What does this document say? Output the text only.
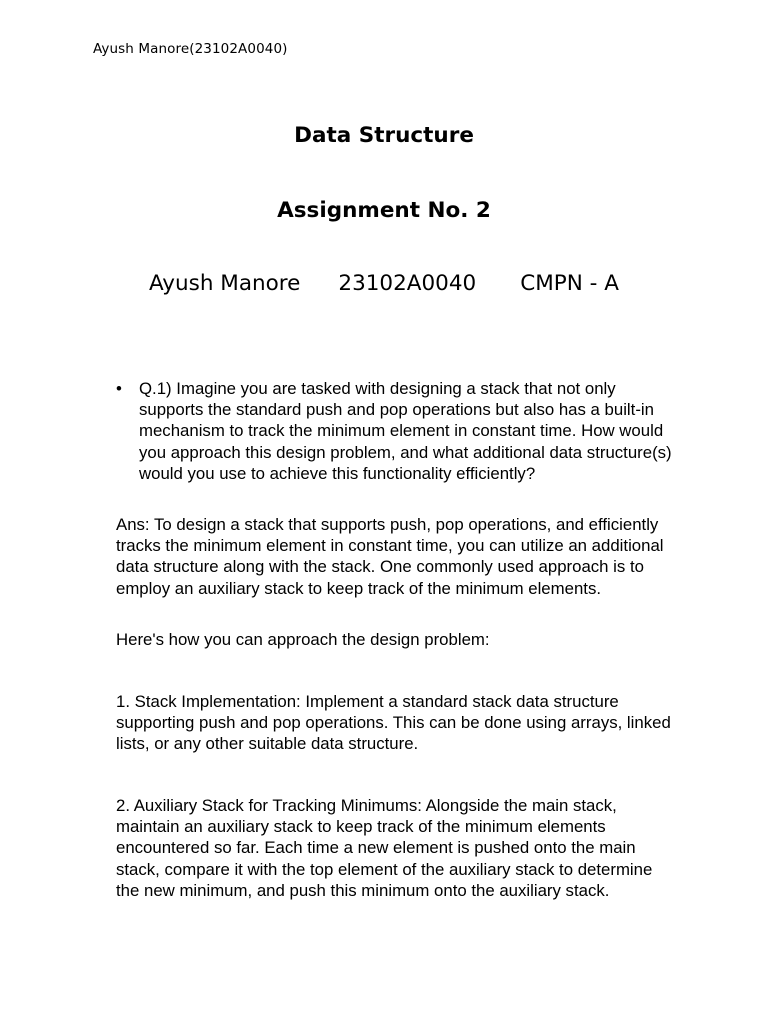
Ayush Manore(23102A0040)
Data Structure
Assignment No. 2
Ayush Manore 23102A0040 CMPN - A
• Q.1) Imagine you are tasked with designing a stack that not only supports the standard push and pop operations but also has a built-in mechanism to track the minimum element in constant time. How would you approach this design problem, and what additional data structure(s) would you use to achieve this functionality efficiently?
Ans: To design a stack that supports push, pop operations, and efficiently tracks the minimum element in constant time, you can utilize an additional data structure along with the stack. One commonly used approach is to employ an auxiliary stack to keep track of the minimum elements.
Here's how you can approach the design problem:
1. Stack Implementation: Implement a standard stack data structure supporting push and pop operations. This can be done using arrays, linked lists, or any other suitable data structure.
2. Auxiliary Stack for Tracking Minimums: Alongside the main stack, maintain an auxiliary stack to keep track of the minimum elements encountered so far. Each time a new element is pushed onto the main stack, compare it with the top element of the auxiliary stack to determine the new minimum, and push this minimum onto the auxiliary stack.
